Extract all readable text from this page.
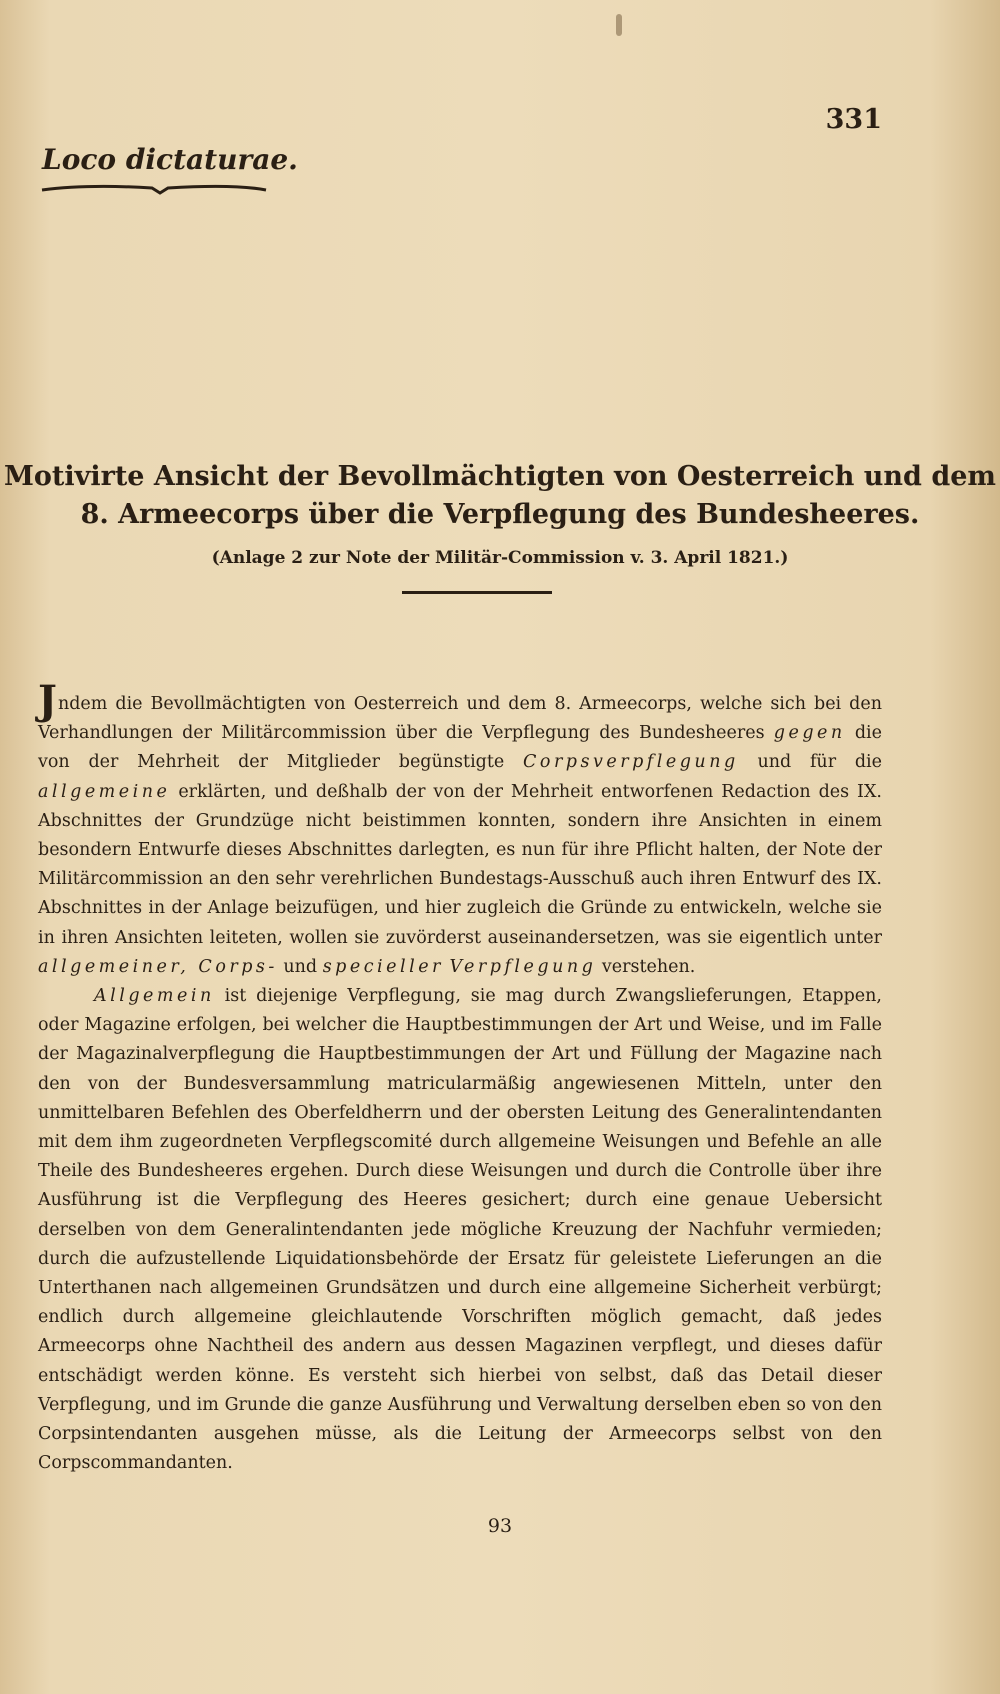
331
Loco dictaturae.
Motivirte Ansicht der Bevollmächtigten von Oesterreich und dem
8. Armeecorps über die Verpflegung des Bundesheeres.
(Anlage 2 zur Note der Militär-Commission v. 3. April 1821.)

Jndem die Bevollmächtigten von Oesterreich und dem 8. Armeecorps, welche sich bei den Verhandlungen der Militärcommission über die Verpflegung des Bundesheeres gegen die von der Mehrheit der Mitglieder begünstigte Corpsverpflegung und für die allgemeine erklärten, und deßhalb der von der Mehrheit entworfenen Redaction des IX. Abschnittes der Grundzüge nicht beistimmen konnten, sondern ihre Ansichten in einem besondern Entwurfe dieses Abschnittes darlegten, es nun für ihre Pflicht halten, der Note der Militärcommission an den sehr verehrlichen Bundestags-Ausschuß auch ihren Entwurf des IX. Abschnittes in der Anlage beizufügen, und hier zugleich die Gründe zu entwickeln, welche sie in ihren Ansichten leiteten, wollen sie zuvörderst auseinandersetzen, was sie eigentlich unter allgemeiner, Corps- und specieller Verpflegung verstehen.

Allgemein ist diejenige Verpflegung, sie mag durch Zwangslieferungen, Etappen, oder Magazine erfolgen, bei welcher die Hauptbestimmungen der Art und Weise, und im Falle der Magazinalverpflegung die Hauptbestimmungen der Art und Füllung der Magazine nach den von der Bundesversammlung matricularmäßig angewiesenen Mitteln, unter den unmittelbaren Befehlen des Oberfeldherrn und der obersten Leitung des Generalintendanten mit dem ihm zugeordneten Verpflegscomité durch allgemeine Weisungen und Befehle an alle Theile des Bundesheeres ergehen. Durch diese Weisungen und durch die Controlle über ihre Ausführung ist die Verpflegung des Heeres gesichert; durch eine genaue Uebersicht derselben von dem Generalintendanten jede mögliche Kreuzung der Nachfuhr vermieden; durch die aufzustellende Liquidationsbehörde der Ersatz für geleistete Lieferungen an die Unterthanen nach allgemeinen Grundsätzen und durch eine allgemeine Sicherheit verbürgt; endlich durch allgemeine gleichlautende Vorschriften möglich gemacht, daß jedes Armeecorps ohne Nachtheil des andern aus dessen Magazinen verpflegt, und dieses dafür entschädigt werden könne. Es versteht sich hierbei von selbst, daß das Detail dieser Verpflegung, und im Grunde die ganze Ausführung und Verwaltung derselben eben so von den Corpsintendanten ausgehen müsse, als die Leitung der Armeecorps selbst von den Corpscommandanten.

93
